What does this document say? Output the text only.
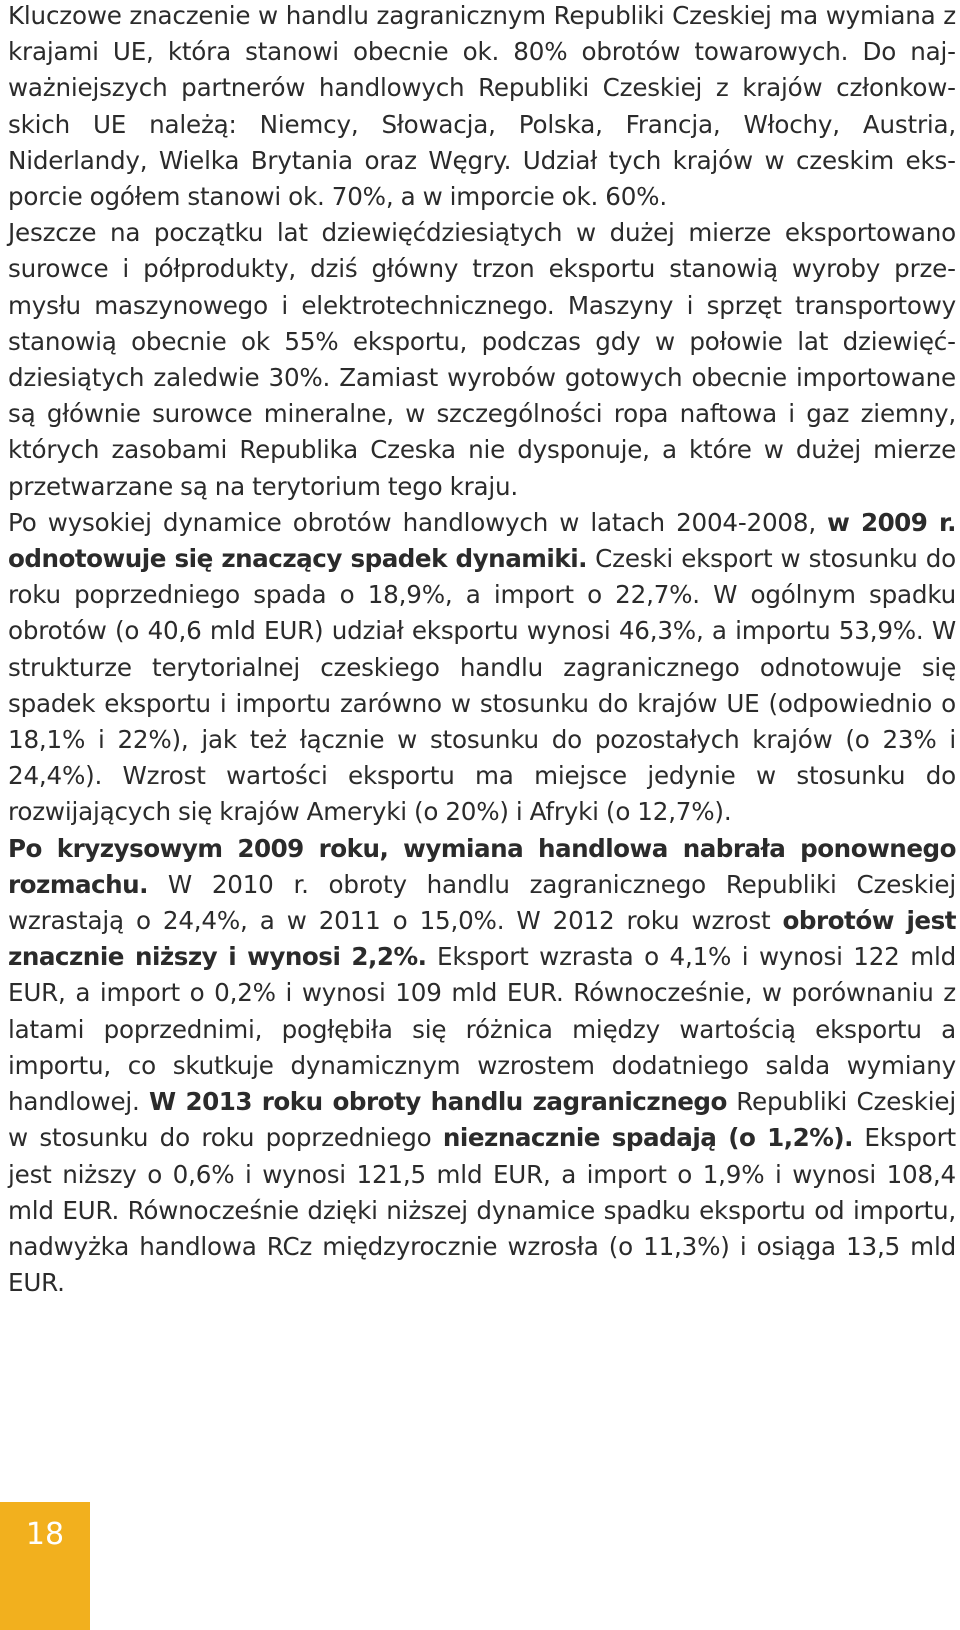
Kluczowe znaczenie w handlu zagranicznym Republiki Czeskiej ma wymiana z krajami UE, która stanowi obecnie ok. 80% obrotów towarowych. Do najważniejszych partnerów handlowych Republiki Czeskiej z krajów członkowskich UE należą: Niemcy, Słowacja, Polska, Francja, Włochy, Austria, Niderlandy, Wielka Brytania oraz Węgry. Udział tych krajów w czeskim eksporcie ogółem stanowi ok. 70%, a w imporcie ok. 60%.

Jeszcze na początku lat dziewięćdziesiątych w dużej mierze eksportowano surowce i półprodukty, dziś główny trzon eksportu stanowią wyroby przemysłu maszynowego i elektrotechnicznego. Maszyny i sprzęt transportowy stanowią obecnie ok 55% eksportu, podczas gdy w połowie lat dziewięćdziesiątych zaledwie 30%. Zamiast wyrobów gotowych obecnie importowane są głównie surowce mineralne, w szczególności ropa naftowa i gaz ziemny, których zasobami Republika Czeska nie dysponuje, a które w dużej mierze przetwarzane są na terytorium tego kraju.

Po wysokiej dynamice obrotów handlowych w latach 2004-2008, w 2009 r. odnotowuje się znaczący spadek dynamiki. Czeski eksport w stosunku do roku poprzedniego spada o 18,9%, a import o 22,7%. W ogólnym spadku obrotów (o 40,6 mld EUR) udział eksportu wynosi 46,3%, a importu 53,9%. W strukturze terytorialnej czeskiego handlu zagranicznego odnotowuje się spadek eksportu i importu zarówno w stosunku do krajów UE (odpowiednio o 18,1% i 22%), jak też łącznie w stosunku do pozostałych krajów (o 23% i 24,4%). Wzrost wartości eksportu ma miejsce jedynie w stosunku do rozwijających się krajów Ameryki (o 20%) i Afryki (o 12,7%).

Po kryzysowym 2009 roku, wymiana handlowa nabrała ponownego rozmachu. W 2010 r. obroty handlu zagranicznego Republiki Czeskiej wzrastają o 24,4%, a w 2011 o 15,0%. W 2012 roku wzrost obrotów jest znacznie niższy i wynosi 2,2%. Eksport wzrasta o 4,1% i wynosi 122 mld EUR, a import o 0,2% i wynosi 109 mld EUR. Równocześnie, w porównaniu z latami poprzednimi, pogłębiła się różnica między wartością eksportu a importu, co skutkuje dynamicznym wzrostem dodatniego salda wymiany handlowej. W 2013 roku obroty handlu zagranicznego Republiki Czeskiej w stosunku do roku poprzedniego nieznacznie spadają (o 1,2%). Eksport jest niższy o 0,6% i wynosi 121,5 mld EUR, a import o 1,9% i wynosi 108,4 mld EUR. Równocześnie dzięki niższej dynamice spadku eksportu od importu, nadwyżka handlowa RCz międzyrocznie wzrosła (o 11,3%) i osiąga 13,5 mld EUR.

18
